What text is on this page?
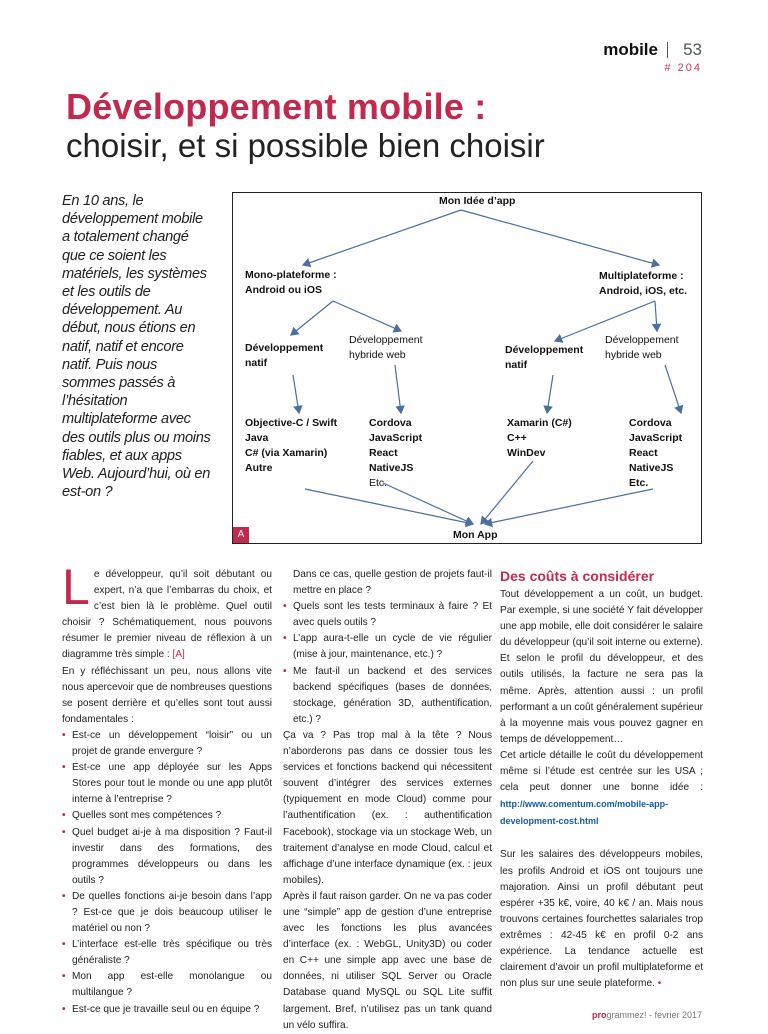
mobile 53
# 204
Développement mobile :
choisir, et si possible bien choisir
En 10 ans, le développement mobile a totalement changé que ce soient les matériels, les systèmes et les outils de développement. Au début, nous étions en natif, natif et encore natif. Puis nous sommes passés à l’hésitation multiplateforme avec des outils plus ou moins fiables, et aux apps Web. Aujourd’hui, où en est-on ?
Mon Idée d’app
Mono-plateforme :
Android ou iOS
Multiplateforme :
Android, iOS, etc.
Développement
natif
Développement
hybride web	Développement
natif
Développement
hybride web
Objective-C / Swift
Java
C# (via Xamarin)
Autre
Cordova
JavaScript
React
NativeJS
Etc.
Xamarin (C#)
C++
WinDev
Cordova
JavaScript
React
NativeJS
Etc.
Mon App
A

Le développeur, qu’il soit débutant ou expert, n’a que l’embarras du choix, et c’est bien là le problème. Quel outil choisir ? Schématiquement, nous pouvons résumer le premier niveau de réflexion à un diagramme très simple : [A]

En y réfléchissant un peu, nous allons vite nous apercevoir que de nombreuses questions se posent derrière et qu’elles sont tout aussi fondamentales :

• Est-ce un développement “loisir” ou un projet de grande envergure ?
• Est-ce une app déployée sur les Apps Stores pour tout le monde ou une app plutôt interne à l’entreprise ?
• Quelles sont mes compétences ?
• Quel budget ai-je à ma disposition ? Faut-il investir dans des formations, des programmes développeurs ou dans les outils ?
• De quelles fonctions ai-je besoin dans l’app ? Est-ce que je dois beaucoup utiliser le matériel ou non ?
• L’interface est-elle très spécifique ou très généraliste ?
• Mon app est-elle monolangue ou multilangue ?
• Est-ce que je travaille seul ou en équipe ?

Dans ce cas, quelle gestion de projets faut-il mettre en place ?

• Quels sont les tests terminaux à faire ? Et avec quels outils ?
• L’app aura-t-elle un cycle de vie régulier (mise à jour, maintenance, etc.) ?
• Me faut-il un backend et des services backend spécifiques (bases de données, stockage, génération 3D, authentification, etc.) ?

Ça va ? Pas trop mal à la tête ? Nous n’aborderons pas dans ce dossier tous les services et fonctions backend qui nécessitent souvent d’intégrer des services externes (typiquement en mode Cloud) comme pour l’authentification (ex. : authentification Facebook), stockage via un stockage Web, un traitement d’analyse en mode Cloud, calcul et affichage d’une interface dynamique (ex. : jeux mobiles).

Après il faut raison garder. On ne va pas coder une “simple” app de gestion d’une entreprise avec les fonctions les plus avancées d’interface (ex. : WebGL, Unity3D) ou coder en C++ une simple app avec une base de données, ni utiliser SQL Server ou Oracle Database quand MySQL ou SQL Lite suffit largement. Bref, n’utilisez pas un tank quand un vélo suffira.

Des coûts à considérer

Tout développement a un coût, un budget. Par exemple, si une société Y fait développer une app mobile, elle doit considérer le salaire du développeur (qu’il soit interne ou externe). Et selon le profil du développeur, et des outils utilisés, la facture ne sera pas la même. Après, attention aussi : un profil performant a un coût généralement supérieur à la moyenne mais vous pouvez gagner en temps de développement…

Cet article détaille le coût du développement même si l’étude est centrée sur les USA ; cela peut donner une bonne idée : http://www.comentum.com/mobile-app-development-cost.html

Sur les salaires des développeurs mobiles, les profils Android et iOS ont toujours une majoration. Ainsi un profil débutant peut espérer +35 k€, voire, 40 k€ / an. Mais nous trouvons certaines fourchettes salariales trop extrêmes : 42-45 k€ en profil 0-2 ans expérience. La tendance actuelle est clairement d’avoir un profil multiplateforme et non plus sur une seule plateforme. •

programmez! - février 2017
